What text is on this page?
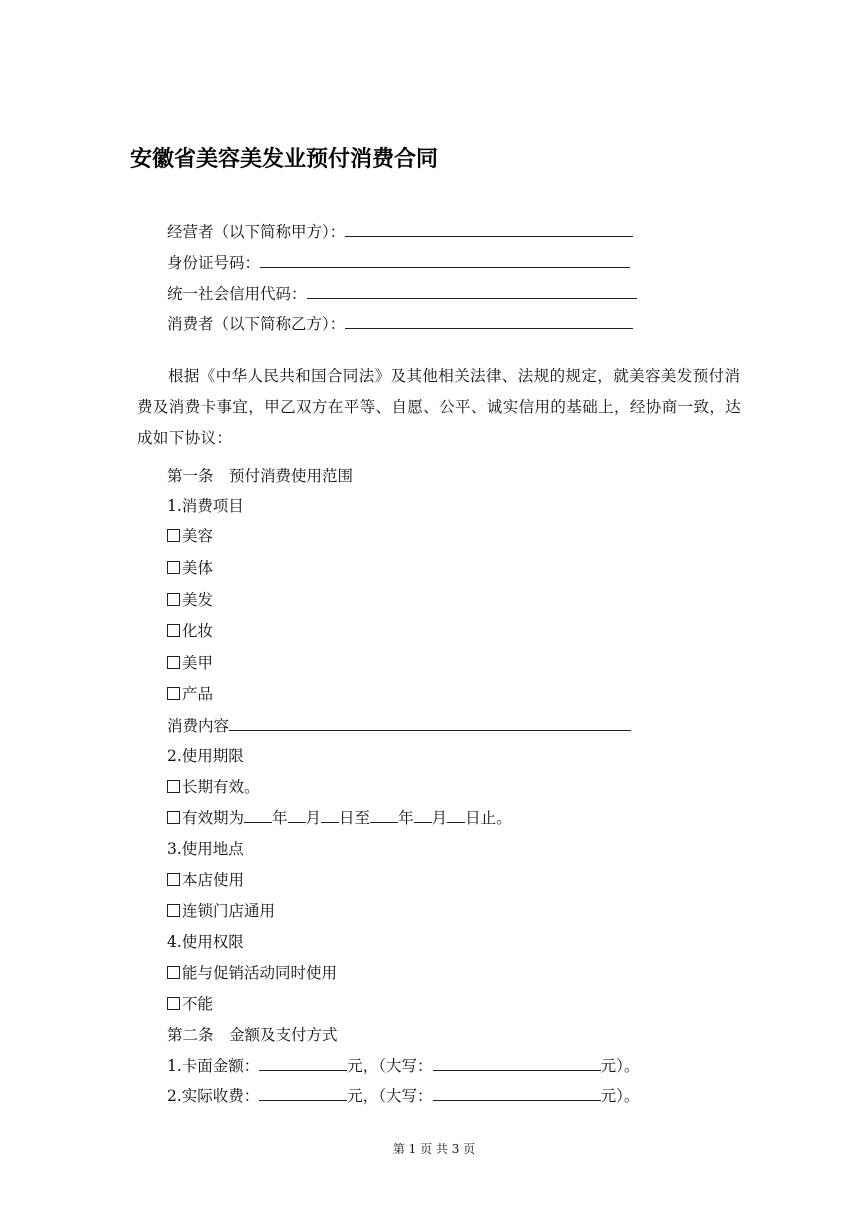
安徽省美容美发业预付消费合同
经营者（以下简称甲方）：
身份证号码：
统一社会信用代码：
消费者（以下简称乙方）：
根据《中华人民共和国合同法》及其他相关法律、法规的规定，就美容美发预付消费及消费卡事宜，甲乙双方在平等、自愿、公平、诚实信用的基础上，经协商一致，达成如下协议：
第一条　预付消费使用范围
1.消费项目
美容
美体
美发
化妆
美甲
产品
消费内容
2.使用期限
长期有效。
有效期为 年 月 日至 年 月 日止。
3.使用地点
本店使用
连锁门店通用
4.使用权限
能与促销活动同时使用
不能
第二条　金额及支付方式
1.卡面金额：	元，（大写：	元）。
2.实际收费：	元，（大写：	元）。
第 1 页 共 3 页
